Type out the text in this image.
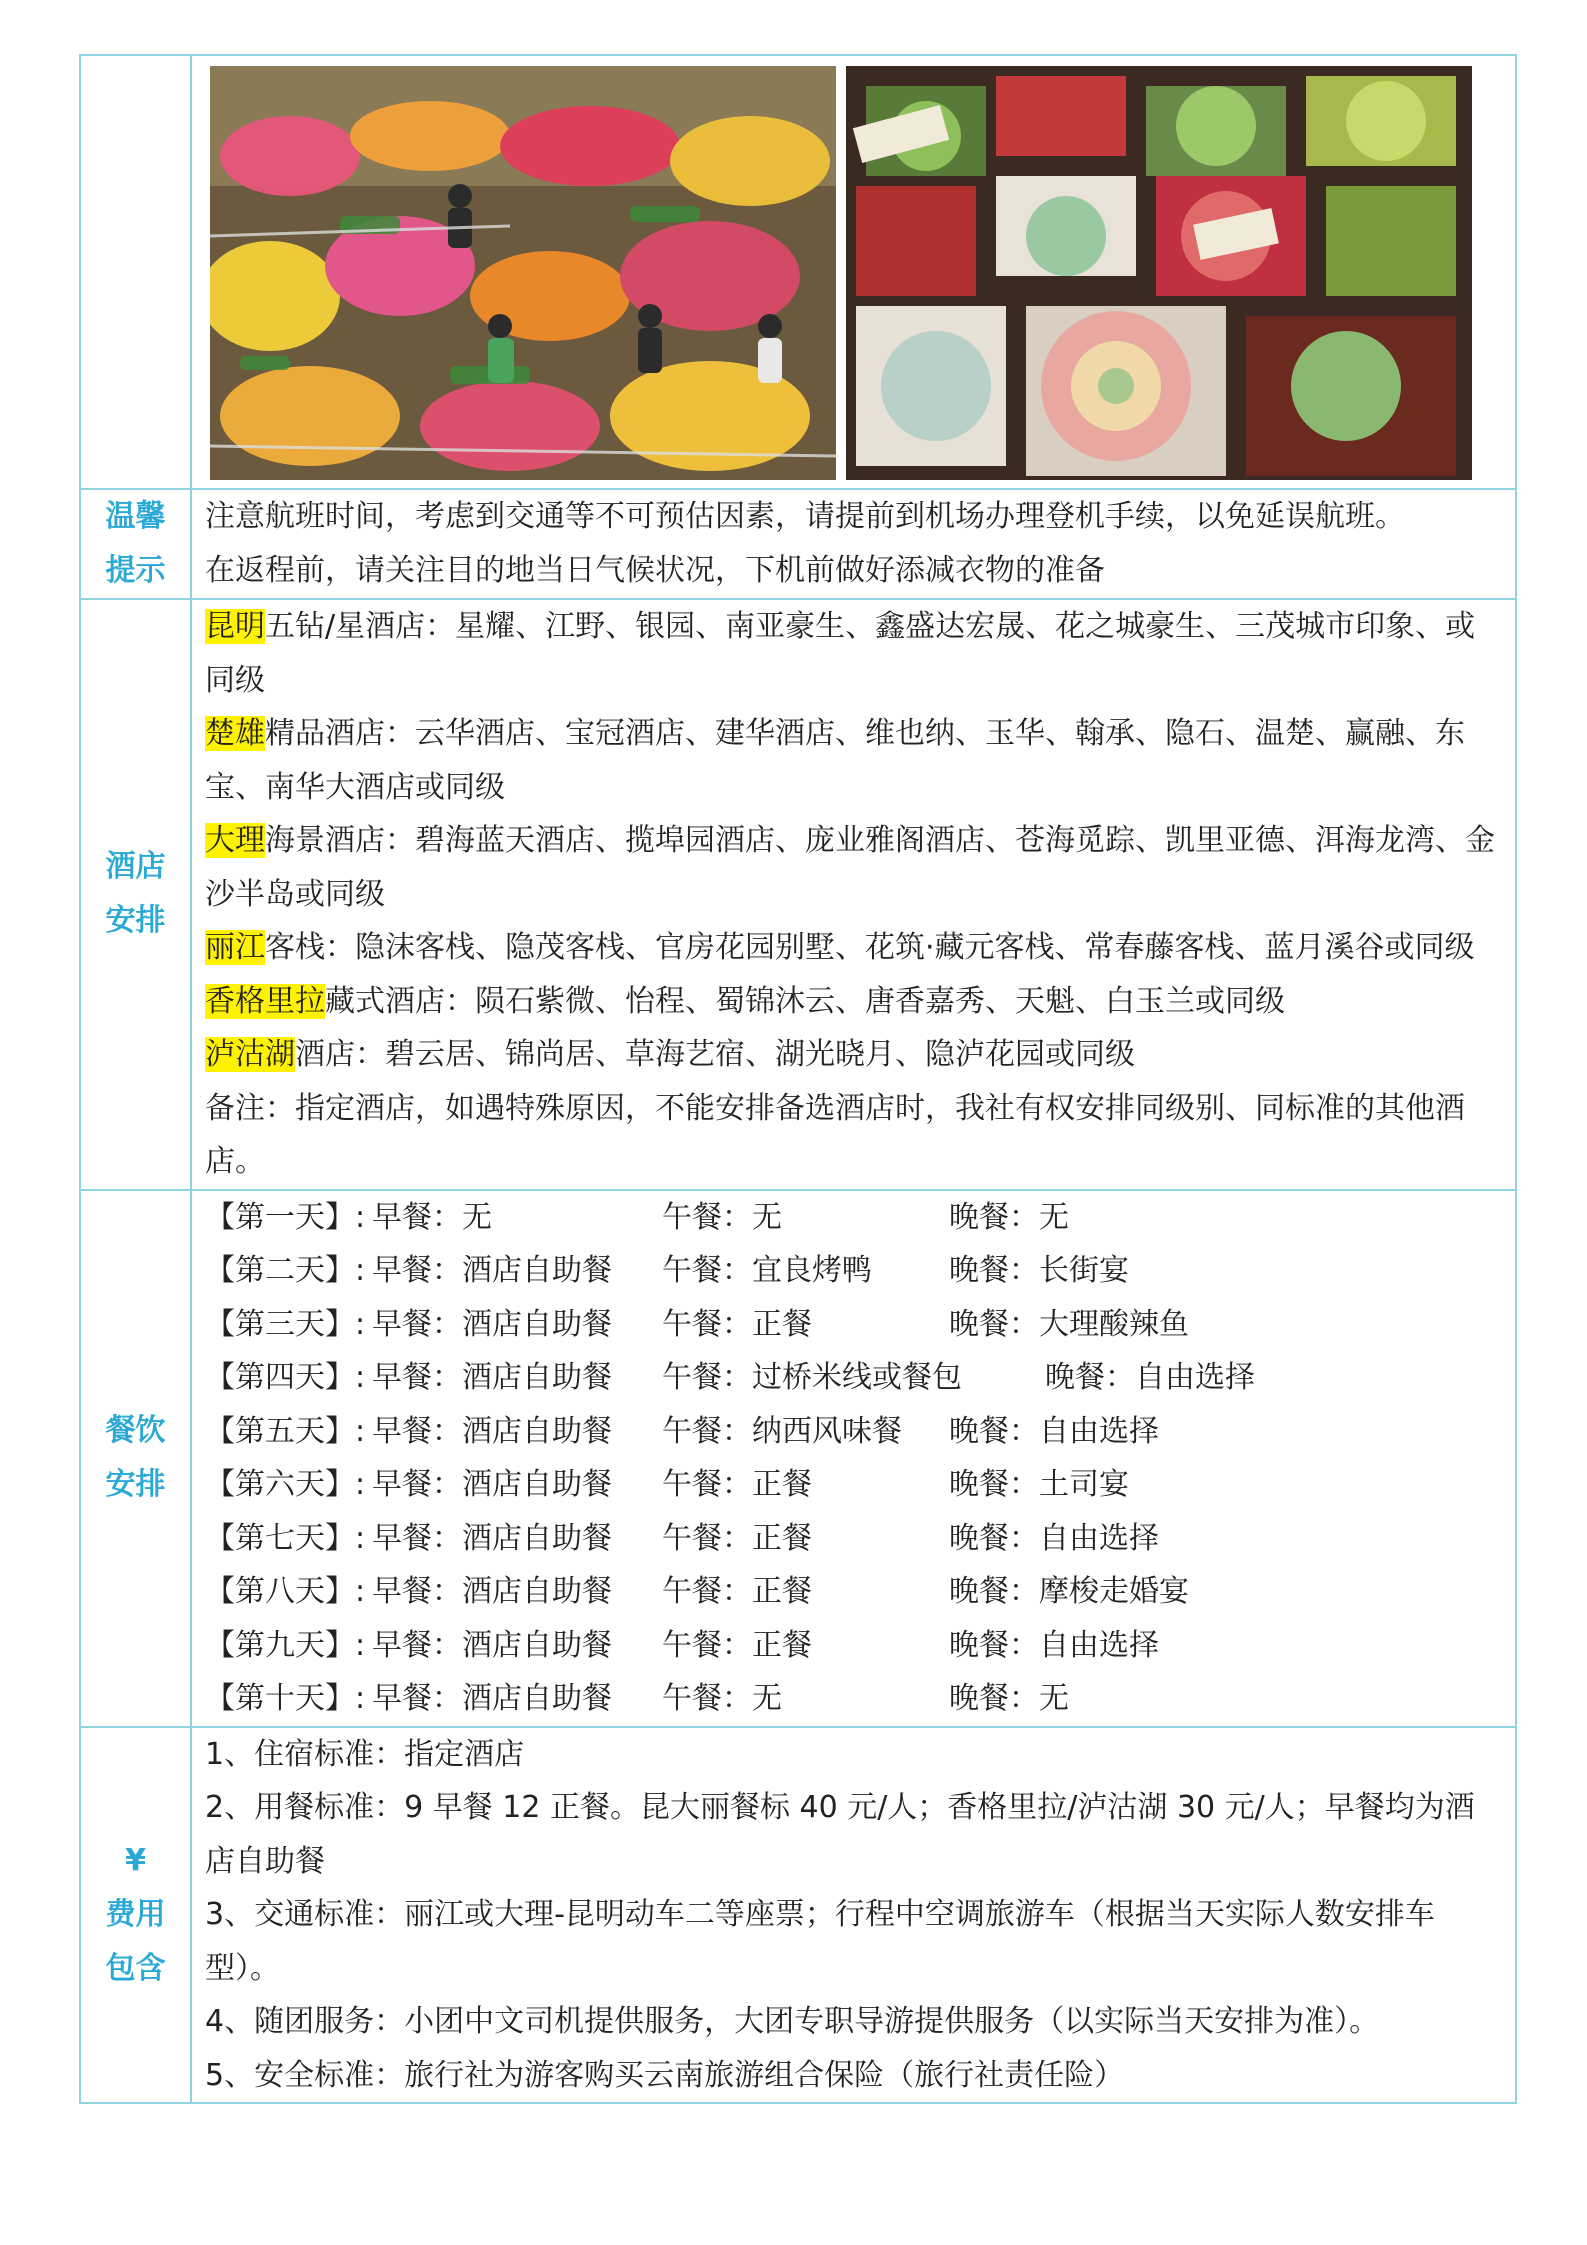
温馨
提示

注意航班时间，考虑到交通等不可预估因素，请提前到机场办理登机手续，以免延误航班。

在返程前，请关注目的地当日气候状况，下机前做好添减衣物的准备

酒店
安排

昆明五钻/星酒店：星耀、江野、银园、南亚豪生、鑫盛达宏晟、花之城豪生、三茂城市印象、或同级

楚雄精品酒店：云华酒店、宝冠酒店、建华酒店、维也纳、玉华、翰承、隐石、温楚、赢融、东宝、南华大酒店或同级

大理海景酒店：碧海蓝天酒店、揽埠园酒店、庞业雅阁酒店、苍海觅踪、凯里亚德、洱海龙湾、金沙半岛或同级

丽江客栈：隐沫客栈、隐茂客栈、官房花园别墅、花筑·藏元客栈、常春藤客栈、蓝月溪谷或同级

香格里拉藏式酒店：陨石紫微、怡程、蜀锦沐云、唐香嘉秀、天魁、白玉兰或同级

泸沽湖酒店：碧云居、锦尚居、草海艺宿、湖光晓月、隐泸花园或同级

备注：指定酒店，如遇特殊原因，不能安排备选酒店时，我社有权安排同级别、同标准的其他酒店。

餐饮
安排
【第一天】: 早餐：无	午餐：无	晚餐：无
【第二天】: 早餐：酒店自助餐	午餐：宜良烤鸭	晚餐：长街宴
【第三天】: 早餐：酒店自助餐	午餐：正餐	晚餐：大理酸辣鱼
【第四天】: 早餐：酒店自助餐	午餐：过桥米线或餐包	晚餐：自由选择
【第五天】: 早餐：酒店自助餐	午餐：纳西风味餐	晚餐：自由选择
【第六天】: 早餐：酒店自助餐	午餐：正餐	晚餐：土司宴
【第七天】: 早餐：酒店自助餐	午餐：正餐	晚餐：自由选择
【第八天】: 早餐：酒店自助餐	午餐：正餐	晚餐：摩梭走婚宴
【第九天】: 早餐：酒店自助餐	午餐：正餐	晚餐：自由选择
【第十天】: 早餐：酒店自助餐	午餐：无	晚餐：无
¥
费用
包含

1、住宿标准：指定酒店

2、用餐标准：9 早餐 12 正餐。昆大丽餐标 40 元/人；香格里拉/泸沽湖 30 元/人；早餐均为酒店自助餐

3、交通标准：丽江或大理-昆明动车二等座票；行程中空调旅游车（根据当天实际人数安排车型）。

4、随团服务：小团中文司机提供服务，大团专职导游提供服务（以实际当天安排为准）。

5、安全标准：旅行社为游客购买云南旅游组合保险（旅行社责任险）
